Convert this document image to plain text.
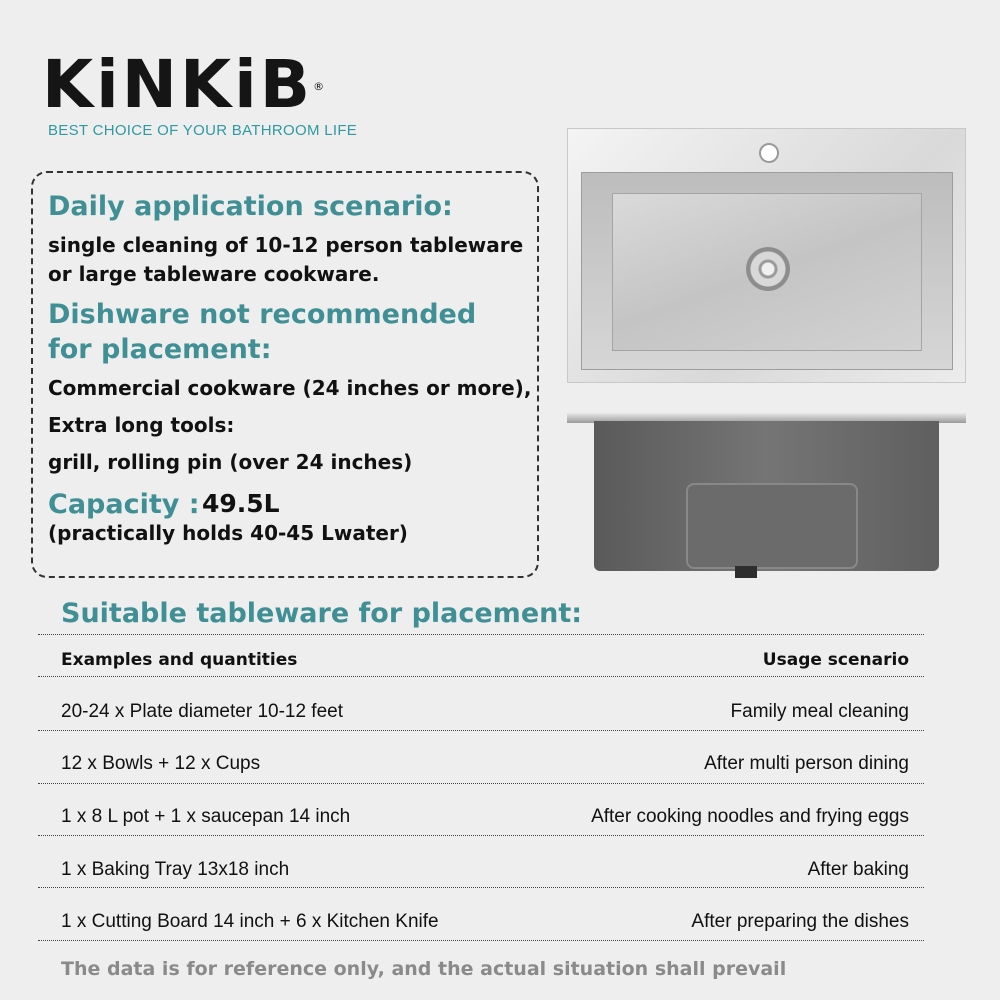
KiNKiB ®
BEST CHOICE OF YOUR BATHROOM LIFE
Daily application scenario:
single cleaning of 10-12 person tableware
or large tableware cookware.
Dishware not recommended
for placement:
Commercial cookware (24 inches or more),
Extra long tools:
grill, rolling pin (over 24 inches)
Capacity : 49.5L
(practically holds 40-45 Lwater)
Suitable tableware for placement:
Examples and quantities	Usage scenario
20-24 x Plate diameter 10-12 feet	Family meal cleaning
12 x Bowls + 12 x Cups	After multi person dining
1 x 8 L pot + 1 x saucepan 14 inch	After cooking noodles and frying eggs
1 x Baking Tray 13x18 inch	After baking
1 x Cutting Board 14 inch + 6 x Kitchen Knife	After preparing the dishes
The data is for reference only, and the actual situation shall prevail
